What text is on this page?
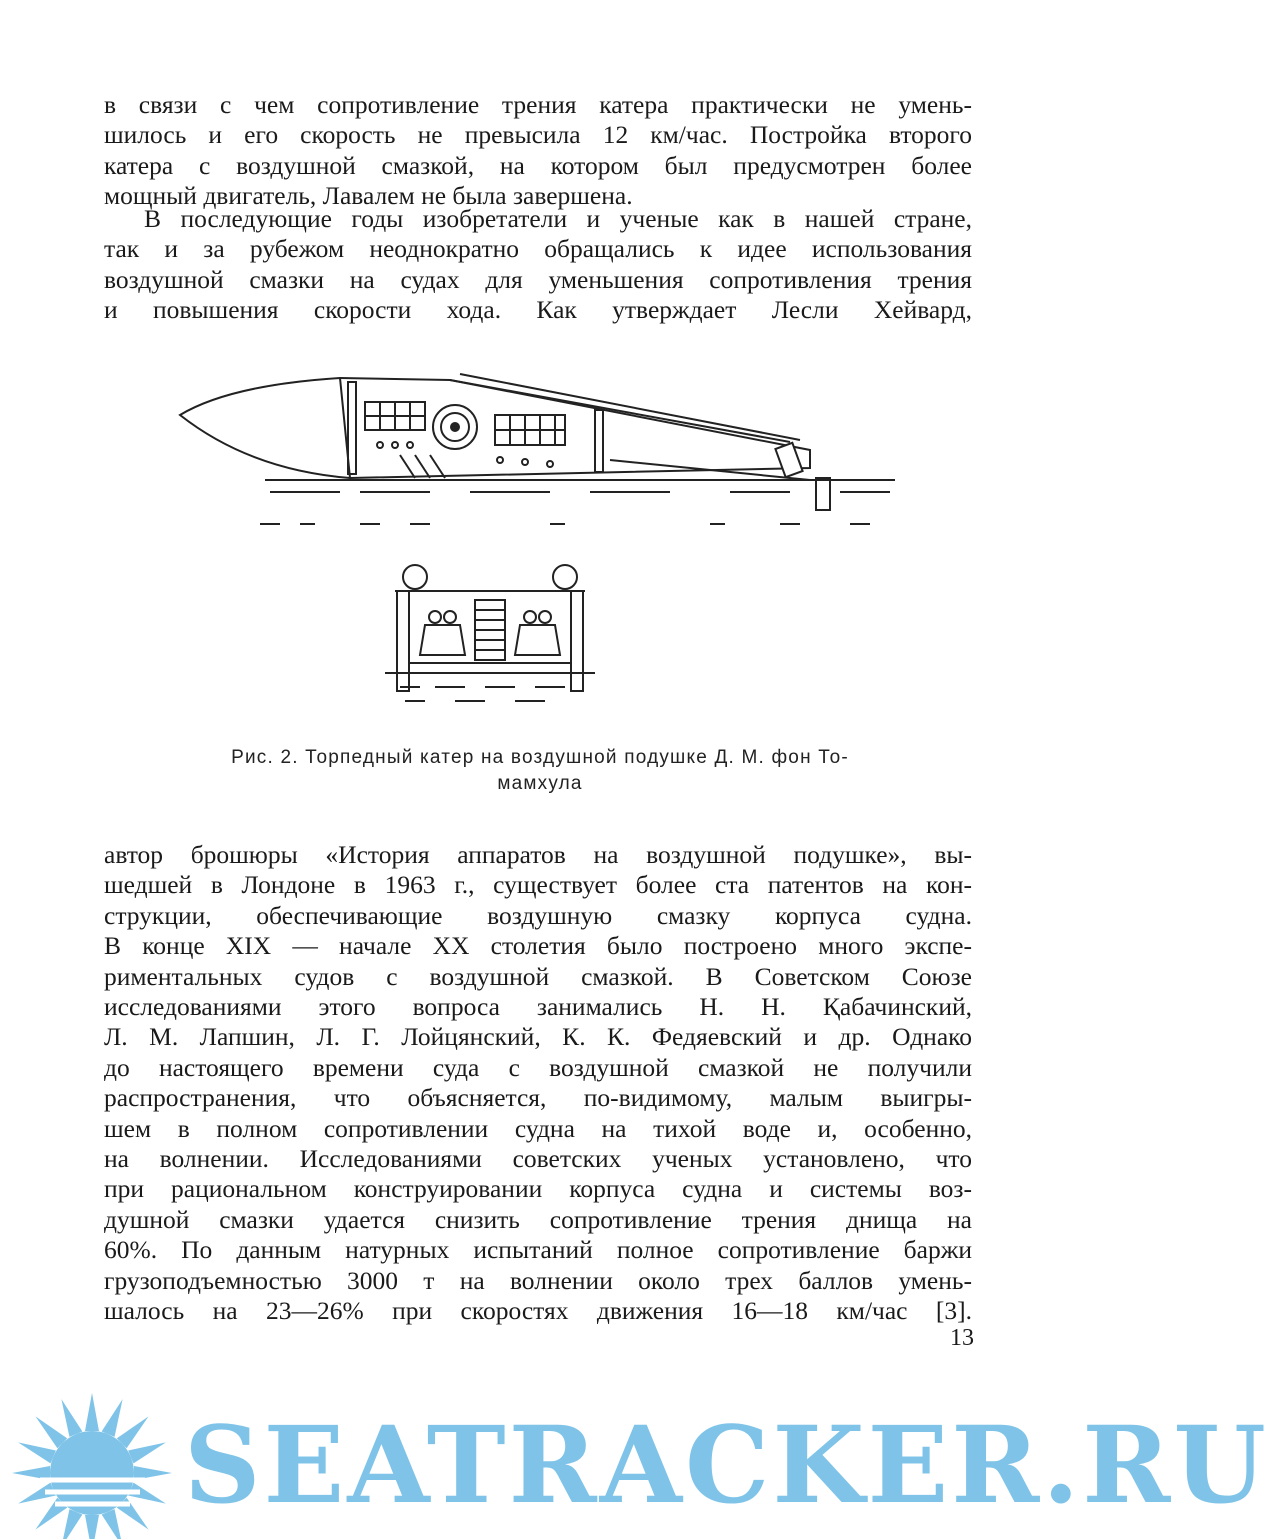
в связи с чем сопротивление трения катера практически не умень-
шилось и его скорость не превысила 12 км/час. Постройка второго
катера с воздушной смазкой, на котором был предусмотрен более
мощный двигатель, Лавалем не была завершена.
В последующие годы изобретатели и ученые как в нашей стране,
так и за рубежом неоднократно обращались к идее использования
воздушной смазки на судах для уменьшения сопротивления трения
и повышения скорости хода. Как утверждает Лесли Хейвард,
Рис. 2. Торпедный катер на воздушной подушке Д. М. фон То-
мамхула
автор брошюры «История аппаратов на воздушной подушке», вы-
шедшей в Лондоне в 1963 г., существует более ста патентов на кон-
струкции, обеспечивающие воздушную смазку корпуса судна.
В конце XIX — начале XX столетия было построено много экспе-
риментальных судов с воздушной смазкой. В Советском Союзе
исследованиями этого вопроса занимались Н. Н. Қабачинский,
Л. М. Лапшин, Л. Г. Лойцянский, К. К. Федяевский и др. Однако
до настоящего времени суда с воздушной смазкой не получили
распространения, что объясняется, по-видимому, малым выигры-
шем в полном сопротивлении судна на тихой воде и, особенно,
на волнении. Исследованиями советских ученых установлено, что
при рациональном конструировании корпуса судна и системы воз-
душной смазки удается снизить сопротивление трения днища на
60%. По данным натурных испытаний полное сопротивление баржи
грузоподъемностью 3000 т на волнении около трех баллов умень-
шалось на 23—26% при скоростях движения 16—18 км/час [3].
13
SEATRACKER.RU
